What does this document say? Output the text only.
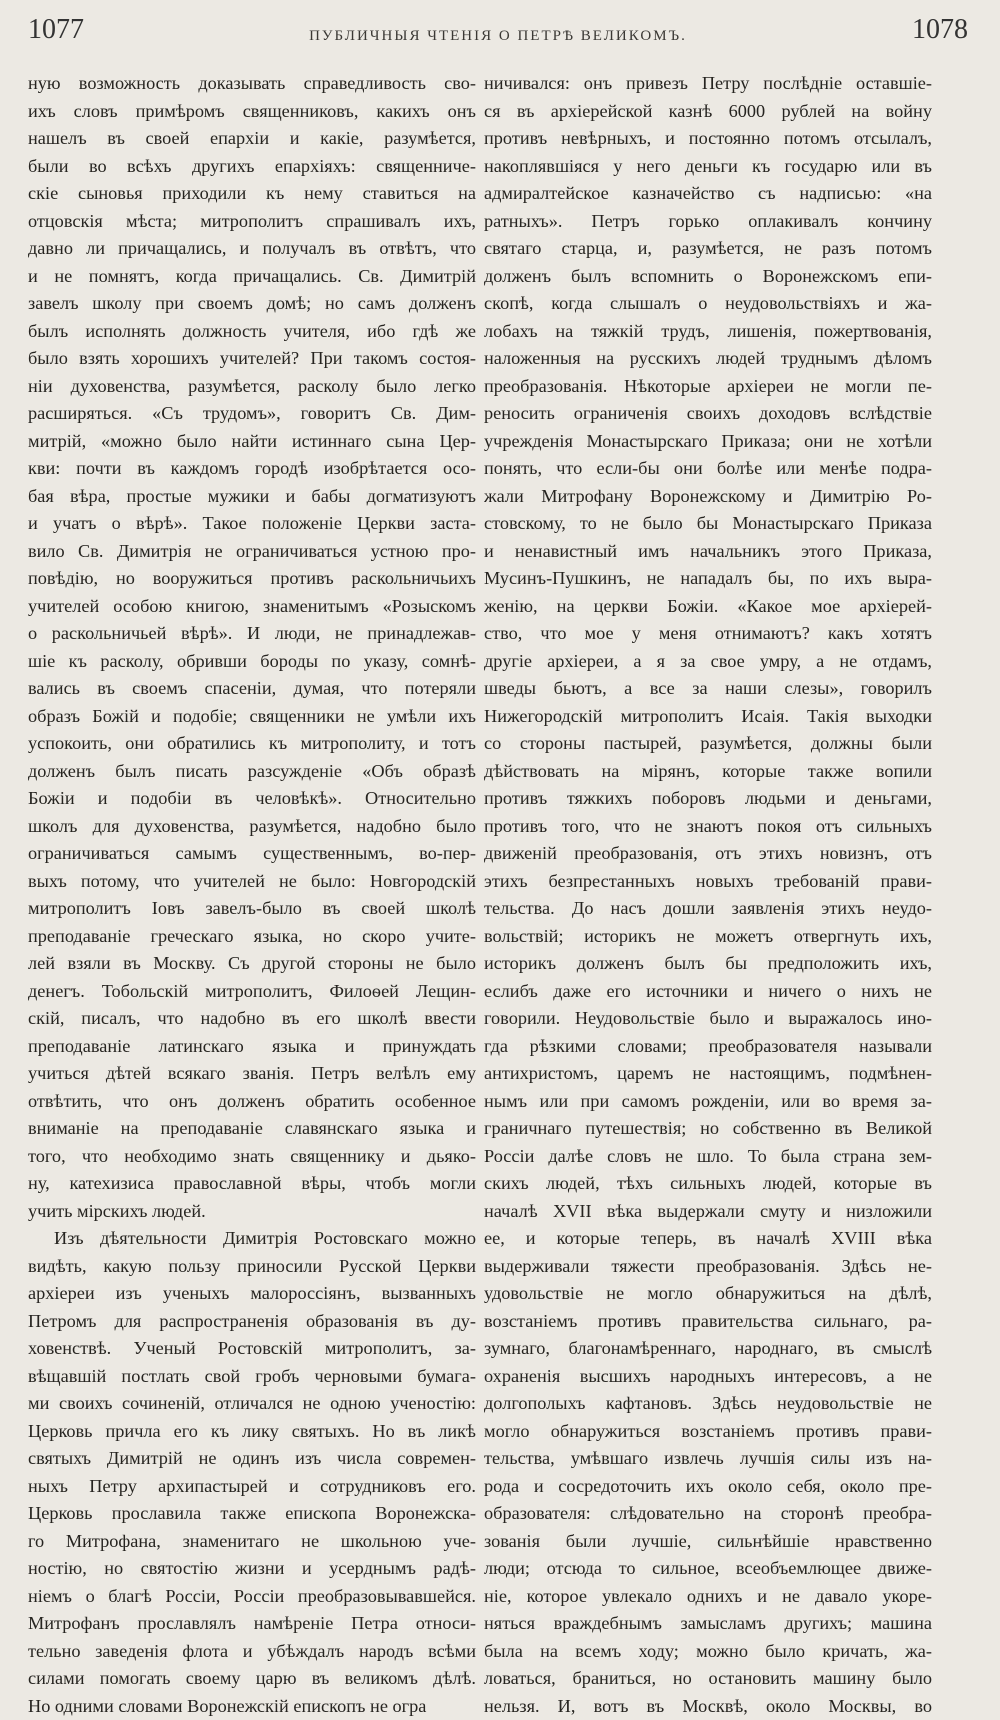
1077	ПУБЛИЧНЫЯ ЧТЕНІЯ О ПЕТРѢ ВЕЛИКОМЪ.	1078
ную возможность доказывать справедливость сво-
ихъ словъ примѣромъ священниковъ, какихъ онъ
нашелъ въ своей епархіи и какіе, разумѣется,
были во всѣхъ другихъ епархіяхъ: священниче-
скіе сыновья приходили къ нему ставиться на
отцовскія мѣста; митрополитъ спрашивалъ ихъ,
давно ли причащались, и получалъ въ отвѣтъ, что
и не помнятъ, когда причащались. Св. Димитрій
завелъ школу при своемъ домѣ; но самъ долженъ
былъ исполнять должность учителя, ибо гдѣ же
было взять хорошихъ учителей? При такомъ состоя-
ніи духовенства, разумѣется, расколу было легко
расширяться. «Съ трудомъ», говоритъ Св. Дим-
митрій, «можно было найти истиннаго сына Цер-
кви: почти въ каждомъ городѣ изобрѣтается осо-
бая вѣра, простые мужики и бабы догматизуютъ
и учатъ о вѣрѣ». Такое положеніе Церкви заста-
вило Св. Димитрія не ограничиваться устною про-
повѣдію, но вооружиться противъ раскольничьихъ
учителей особою книгою, знаменитымъ «Розыскомъ
о раскольничьей вѣрѣ». И люди, не принадлежав-
шіе къ расколу, обривши бороды по указу, сомнѣ-
вались въ своемъ спасеніи, думая, что потеряли
образъ Божій и подобіе; священники не умѣли ихъ
успокоить, они обратились къ митрополиту, и тотъ
долженъ былъ писать разсужденіе «Объ образѣ
Божіи и подобіи въ человѣкѣ». Относительно
школъ для духовенства, разумѣется, надобно было
ограничиваться самымъ существеннымъ, во-пер-
выхъ потому, что учителей не было: Новгородскій
митрополитъ Іовъ завелъ-было въ своей школѣ
преподаваніе греческаго языка, но скоро учите-
лей взяли въ Москву. Съ другой стороны не было
денегъ. Тобольскій митрополитъ, Филоѳей Лещин-
скій, писалъ, что надобно въ его школѣ ввести
преподаваніе латинскаго языка и принуждать
учиться дѣтей всякаго званія. Петръ велѣлъ ему
отвѣтить, что онъ долженъ обратить особенное
вниманіе на преподаваніе славянскаго языка и
того, что необходимо знать священнику и дьяко-
ну, катехизиса православной вѣры, чтобъ могли
учить мірскихъ людей.
Изъ дѣятельности Димитрія Ростовскаго можно
видѣть, какую пользу приносили Русской Церкви
архіереи изъ ученыхъ малороссіянъ, вызванныхъ
Петромъ для распространенія образованія въ ду-
ховенствѣ. Ученый Ростовскій митрополитъ, за-
вѣщавшій постлать свой гробъ черновыми бумага-
ми своихъ сочиненій, отличался не одною ученостію:
Церковь причла его къ лику святыхъ. Но въ ликѣ
святыхъ Димитрій не одинъ изъ числа современ-
ныхъ Петру архипастырей и сотрудниковъ его.
Церковь прославила также епископа Воронежска-
го Митрофана, знаменитаго не школьною уче-
ностію, но святостію жизни и усерднымъ радѣ-
ніемъ о благѣ Россіи, Россіи преобразовывавшейся.
Митрофанъ прославлялъ намѣреніе Петра относи-
тельно заведенія флота и убѣждалъ народъ всѣми
силами помогать своему царю въ великомъ дѣлѣ.
Но одними словами Воронежскій епископъ не огра
ничивался: онъ привезъ Петру послѣдніе оставшіе-
ся въ архіерейской казнѣ 6000 рублей на войну
противъ невѣрныхъ, и постоянно потомъ отсылалъ,
накоплявшіяся у него деньги къ государю или въ
адмиралтейское казначейство съ надписью: «на
ратныхъ». Петръ горько оплакивалъ кончину
святаго старца, и, разумѣется, не разъ потомъ
долженъ былъ вспомнить о Воронежскомъ епи-
скопѣ, когда слышалъ о неудовольствіяхъ и жа-
лобахъ на тяжкій трудъ, лишенія, пожертвованія,
наложенныя на русскихъ людей труднымъ дѣломъ
преобразованія. Нѣкоторые архіереи не могли пе-
реносить ограниченія своихъ доходовъ вслѣдствіе
учрежденія Монастырскаго Приказа; они не хотѣли
понять, что если-бы они болѣе или менѣе подра-
жали Митрофану Воронежскому и Димитрію Ро-
стовскому, то не было бы Монастырскаго Приказа
и ненавистный имъ начальникъ этого Приказа,
Мусинъ-Пушкинъ, не нападалъ бы, по ихъ выра-
женію, на церкви Божіи. «Какое мое архіерей-
ство, что мое у меня отнимаютъ? какъ хотятъ
другіе архіереи, а я за свое умру, а не отдамъ,
шведы бьютъ, а все за наши слезы», говорилъ
Нижегородскій митрополитъ Исаія. Такія выходки
со стороны пастырей, разумѣется, должны были
дѣйствовать на мірянъ, которые также вопили
противъ тяжкихъ поборовъ людьми и деньгами,
противъ того, что не знаютъ покоя отъ сильныхъ
движеній преобразованія, отъ этихъ новизнъ, отъ
этихъ безпрестанныхъ новыхъ требованій прави-
тельства. До насъ дошли заявленія этихъ неудо-
вольствій; историкъ не можетъ отвергнуть ихъ,
историкъ долженъ былъ бы предположить ихъ,
еслибъ даже его источники и ничего о нихъ не
говорили. Неудовольствіе было и выражалось ино-
гда рѣзкими словами; преобразователя называли
антихристомъ, царемъ не настоящимъ, подмѣнен-
нымъ или при самомъ рожденіи, или во время за-
граничнаго путешествія; но собственно въ Великой
Россіи далѣе словъ не шло. То была страна зем-
скихъ людей, тѣхъ сильныхъ людей, которые въ
началѣ XVII вѣка выдержали смуту и низложили
ее, и которые теперь, въ началѣ XVIII вѣка
выдерживали тяжести преобразованія. Здѣсь не-
удовольствіе не могло обнаружиться на дѣлѣ,
возстаніемъ противъ правительства сильнаго, ра-
зумнаго, благонамѣреннаго, народнаго, въ смыслѣ
охраненія высшихъ народныхъ интересовъ, а не
долгополыхъ кафтановъ. Здѣсь неудовольствіе не
могло обнаружиться возстаніемъ противъ прави-
тельства, умѣвшаго извлечь лучшія силы изъ на-
рода и сосредоточить ихъ около себя, около пре-
образователя: слѣдовательно на сторонѣ преобра-
зованія были лучшіе, сильнѣйшіе нравственно
люди; отсюда то сильное, всеобъемлющее движе-
ніе, которое увлекало однихъ и не давало укоре-
няться враждебнымъ замысламъ другихъ; машина
была на всемъ ходу; можно было кричать, жа-
ловаться, браниться, но остановить машину было
нельзя. И, вотъ въ Москвѣ, около Москвы, во
